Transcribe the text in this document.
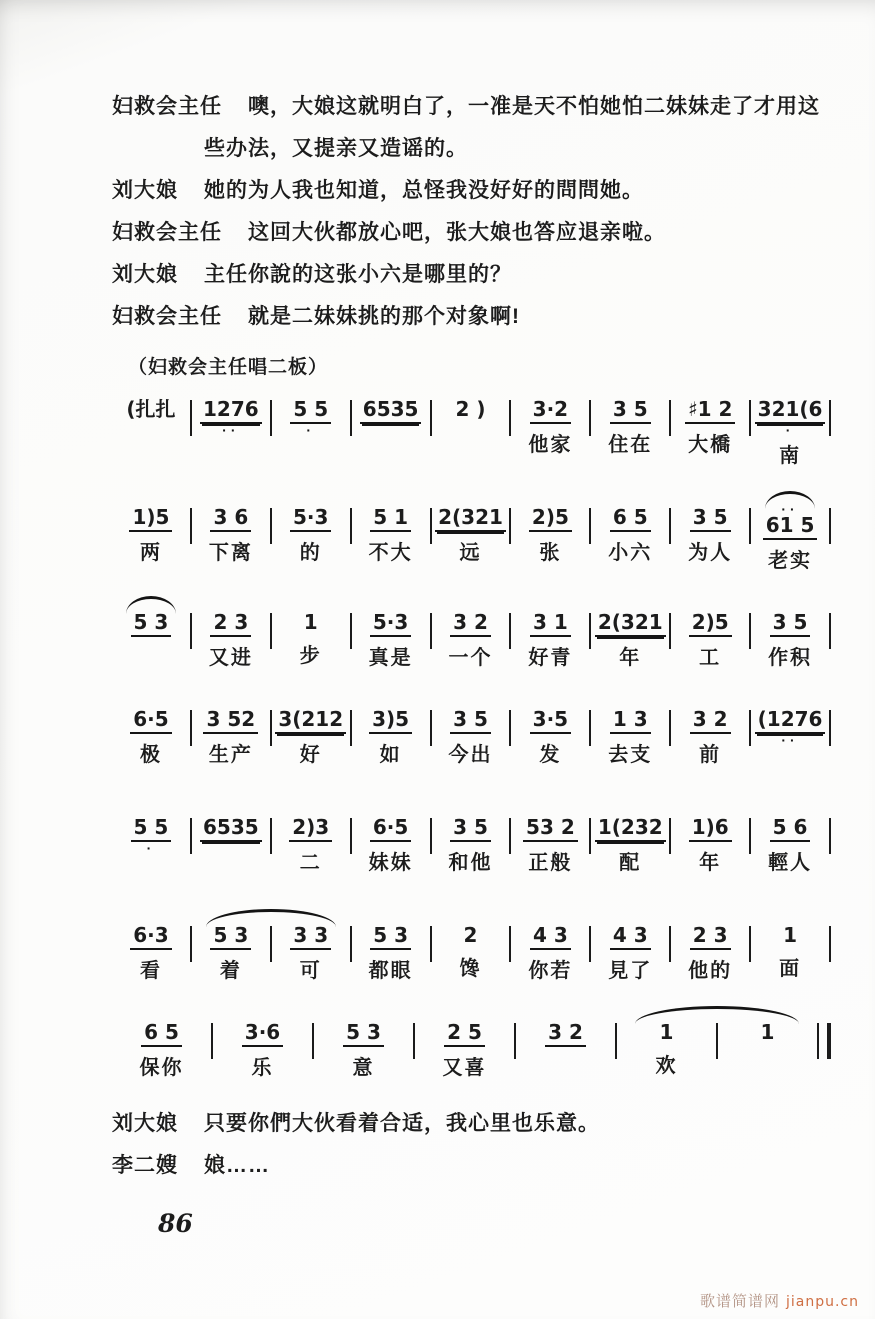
妇救会主任 噢，大娘这就明白了，一准是天不怕她怕二妹妹走了才用这些办法，又提亲又造谣的。

刘大娘 她的为人我也知道，总怪我没好好的問問她。

妇救会主任 这回大伙都放心吧，张大娘也答应退亲啦。

刘大娘 主任你說的这张小六是哪里的？

妇救会主任 就是二妹妹挑的那个对象啊!

（妇救会主任唱二板）
(扎扎
1276
··

5 5
·

6535
2 )
3·2
他家
3 5
住在
♯1 2
大橋
321(6
·
南
1)5
两
3 6
下离
5·3
的
5 1
不大
2(321
远
2)5
张
6 5
小六
3 5
为人
··
61 5
老实
5 3
2 3
又进
1
步
5·3
真是
3 2
一个
3 1
好青
2(321
年
2)5
工
3 5
作积
6·5
极
3 52
生产
3(212
好
3)5
如
3 5
今出
3·5
发
1 3
去支
3 2
前
(1276
··

5 5
·

6535
2)3
二
6·5
妹妹
3 5
和他
53 2
正般
1(232
配
1)6
年
5 6
輕人
6·3
看
5 3
着
3 3
可
5 3
都眼
2
馋
4 3
你若
4 3
見了
2 3
他的
1
面
6 5
保你
3·6
乐
5 3
意
2 5
又喜
3 2
	1
欢
1

刘大娘 只要你們大伙看着合适，我心里也乐意。

李二嫂 娘……

86
歌谱简谱网 jianpu.cn
